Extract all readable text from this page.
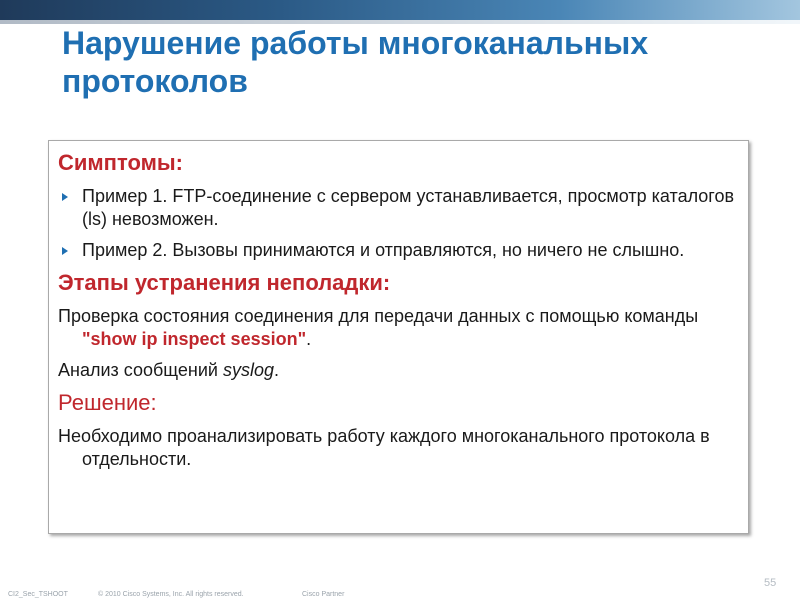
Нарушение работы многоканальных протоколов
Симптомы:
Пример 1. FTP-соединение с сервером устанавливается, просмотр каталогов (ls) невозможен.
Пример 2. Вызовы принимаются и отправляются, но ничего не слышно.
Этапы устранения неполадки:
Проверка состояния соединения для передачи данных с помощью команды "show ip inspect session".
Анализ сообщений syslog.
Решение:
Необходимо проанализировать работу каждого многоканального протокола в отдельности.
CI2_Sec_TSHOOT	© 2010 Cisco Systems, Inc. All rights reserved.	Cisco Partner
55
